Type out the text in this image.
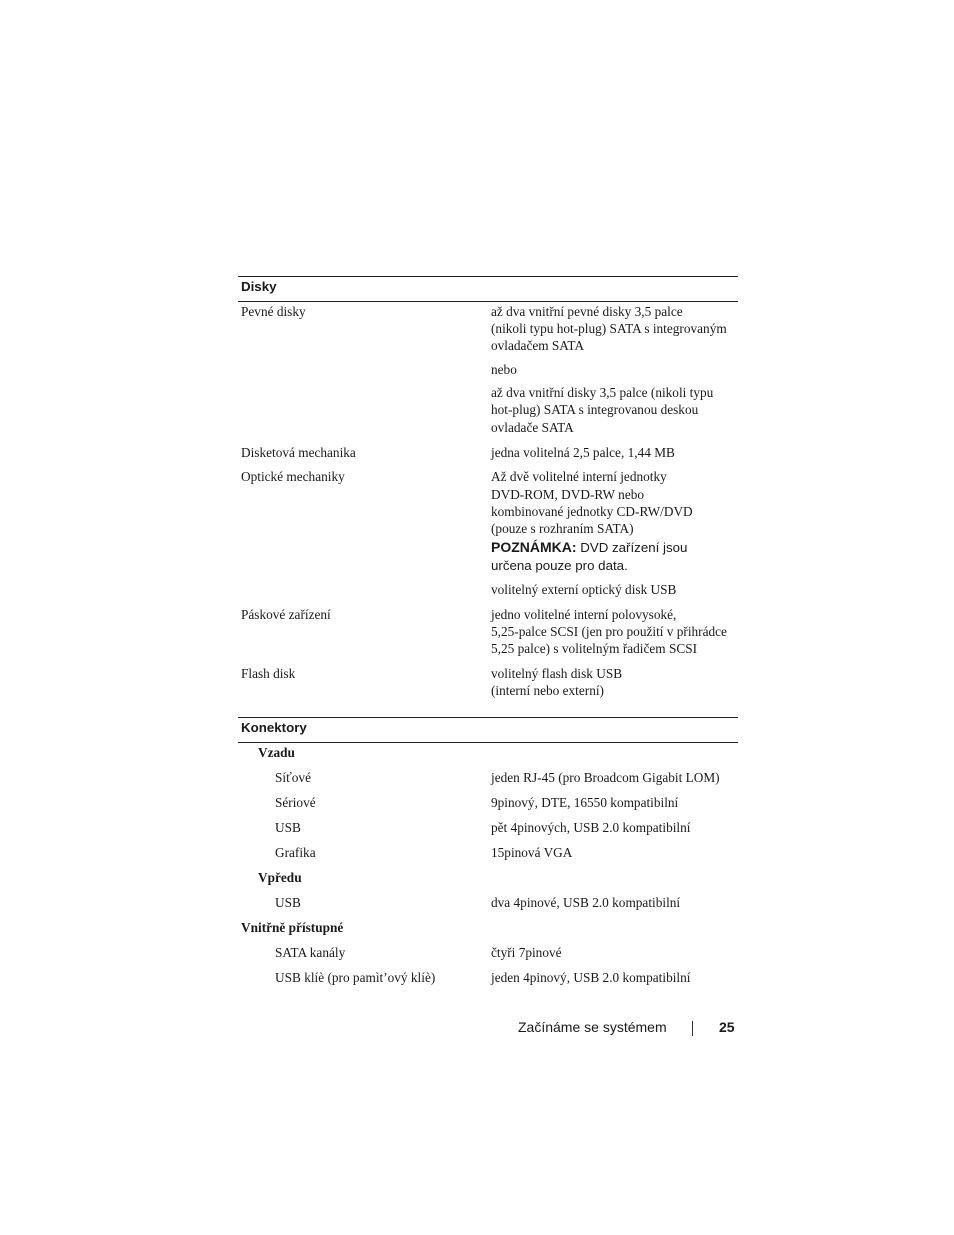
Disky
Pevné disky	až dva vnitřní pevné disky 3,5 palce
(nikoli typu hot-plug) SATA s integrovaným
ovladačem SATA
nebo
až dva vnitřní disky 3,5 palce (nikoli typu
hot-plug) SATA s integrovanou deskou
ovladače SATA
Disketová mechanika	jedna volitelná 2,5 palce, 1,44 MB
Optické mechaniky	Až dvě volitelné interní jednotky
DVD-ROM, DVD-RW nebo
kombinované jednotky CD-RW/DVD
(pouze s rozhraním SATA)
POZNÁMKA: DVD zařízení jsou
určena pouze pro data.
volitelný externí optický disk USB
Páskové zařízení	jedno volitelné interní polovysoké,
5,25-palce SCSI (jen pro použití v přihrádce
5,25 palce) s volitelným řadičem SCSI
Flash disk	volitelný flash disk USB
(interní nebo externí)
Konektory
Vzadu
Síťové	jeden RJ-45 (pro Broadcom Gigabit LOM)
Sériové	9pinový, DTE, 16550 kompatibilní
USB	pět 4pinových, USB 2.0 kompatibilní
Grafika	15pinová VGA
Vpředu
USB	dva 4pinové, USB 2.0 kompatibilní
Vnitřně přístupné
SATA kanály	čtyři 7pinové
USB klíè (pro pamìt’ový klíè)	jeden 4pinový, USB 2.0 kompatibilní
Začínáme se systémem	25
